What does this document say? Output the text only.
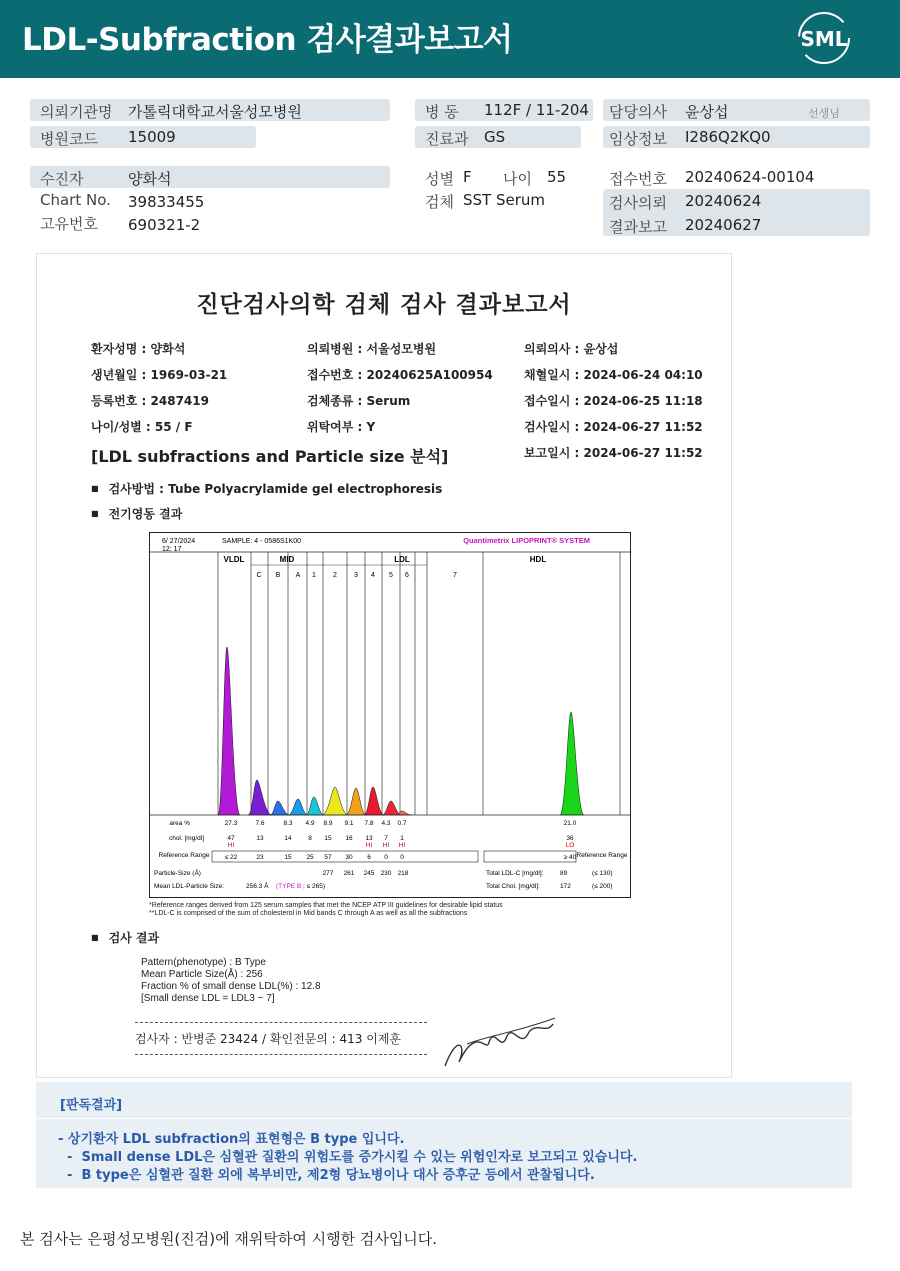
LDL-Subfraction 검사결과보고서	SML
의뢰기관명 가톨릭대학교서울성모병원
병원코드 15009
병 동 112F / 11-204
진료과 GS
담당의사 윤상섭	선생님
임상정보 I286Q2KQ0
수진자	양화석
Chart No. 39833455
고유번호 690321-2
성별 F 나이 55
검체 SST Serum
접수번호 20240624-00104
검사의뢰 20240624
결과보고 20240627
진단검사의학 검체 검사 결과보고서
환자성명 : 양화석	의뢰병원 : 서울성모병원	의뢰의사 : 윤상섭
생년월일 : 1969-03-21	접수번호 : 20240625A100954	채혈일시 : 2024-06-24 04:10
등록번호 : 2487419	검체종류 : Serum	접수일시 : 2024-06-25 11:18
나이/성별 : 55 / F	위탁여부 : Y	검사일시 : 2024-06-27 11:52
보고일시 : 2024-06-27 11:52
[LDL subfractions and Particle size 분석]
■ 검사방법 : Tube Polyacrylamide gel electrophoresis
■ 전기영동 결과
6/ 27/2024
12: 17
SAMPLE: 4 - 0586S1K00	Quantimetrix LIPOPRINT® SYSTEM
VLDL	MID	LDL	HDL
C B A 1 2 3 4 5 6	7
area %	27.3	7.6	8.3 4.9 8.9 9.1 7.8 4.3 0.7	21.0
chol. [mg/dl]	47	13	14	8 15 16 13 7 1	36
HI	HI HI HI	LO
Reference Range	Reference Range
≤ 22	23	15 25 57 30 6 0 0	≥ 40
Particle-Size (Å)	277 261 245 230 218
Mean LDL-Particle Size:	256.3 Å (TYPE B ; ≤ 265)
Total LDL-C [mg/dl]:	89	(≤ 130)
Total Chol. [mg/dl]:	172	(≤ 200)
*Reference ranges derived from 125 serum samples that met the NCEP ATP III guidelines for desirable lipid status
**LDL-C is comprised of the sum of cholesterol in Mid bands C through A as well as all the subfractions
■ 검사 결과
Pattern(phenotype) : B Type
Mean Particle Size(Å) : 256
Fraction % of small dense LDL(%) : 12.8
[Small dense LDL = LDL3 ~ 7]
검사자 : 반병준 23424 / 확인전문의 : 413 이제훈
[판독결과]
- 상기환자 LDL subfraction의 표현형은 B type 입니다.
-  Small dense LDL은 심혈관 질환의 위험도를 증가시킬 수 있는 위험인자로 보고되고 있습니다.
-  B type은 심혈관 질환 외에 복부비만, 제2형 당뇨병이나 대사 증후군 등에서 관찰됩니다.
본 검사는 은평성모병원(진검)에 재위탁하여 시행한 검사입니다.
